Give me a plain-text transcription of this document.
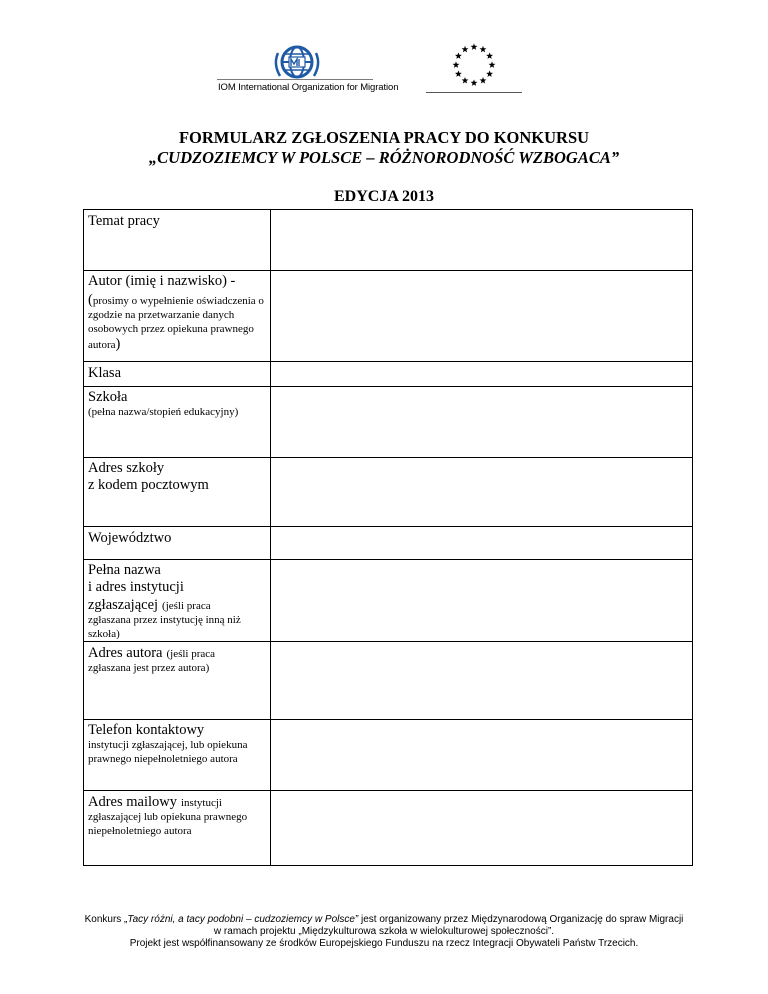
IOM International Organization for Migration
FORMULARZ ZGŁOSZENIA PRACY DO KONKURSU
„CUDZOZIEMCY W POLSCE – RÓŻNORODNOŚĆ WZBOGACA”
EDYCJA 2013
Temat pracy	

Autor (imię i nazwisko) -
(prosimy o wypełnienie oświadczenia o zgodzie na przetwarzanie danych osobowych przez opiekuna prawnego autora)	

Klasa	

Szkoła
(pełna nazwa/stopień edukacyjny)	

Adres szkoły
z kodem pocztowym	

Województwo	

Pełna nazwa
i adres instytucji
zgłaszającej (jeśli praca
zgłaszana przez instytucję inną niż szkoła)	

Adres autora (jeśli praca
zgłaszana jest przez autora)	

Telefon kontaktowy
instytucji zgłaszającej, lub opiekuna prawnego niepełnoletniego autora	

Adres mailowy instytucji
zgłaszającej lub opiekuna prawnego niepełnoletniego autora	

Konkurs „Tacy różni, a tacy podobni – cudzoziemcy w Polsce” jest organizowany przez Międzynarodową Organizację do spraw Migracji
w ramach projektu „Międzykulturowa szkoła w wielokulturowej społeczności”.
Projekt jest współfinansowany ze środków Europejskiego Funduszu na rzecz Integracji Obywateli Państw Trzecich.
